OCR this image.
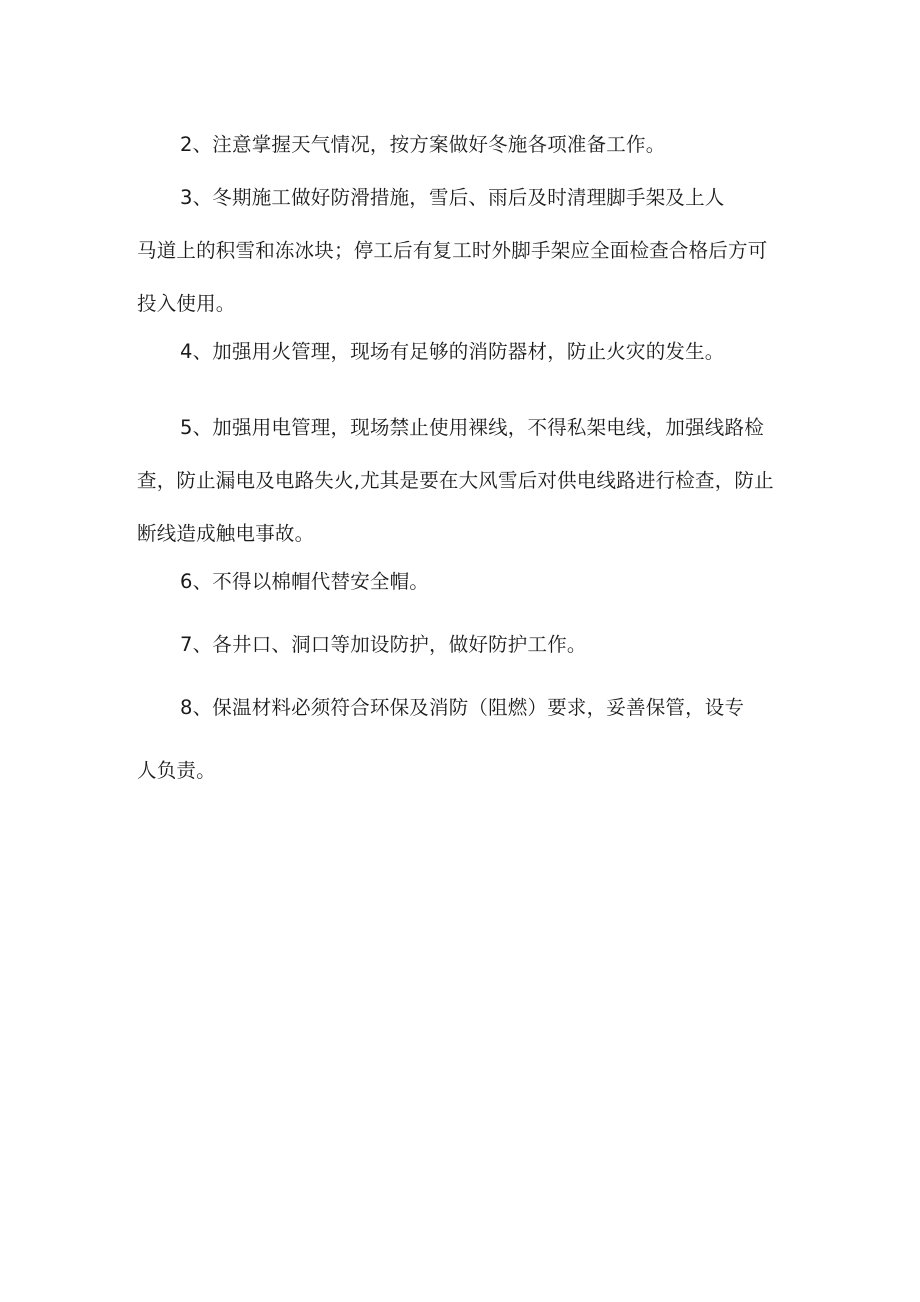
2、注意掌握天气情况，按方案做好冬施各项准备工作。
3、冬期施工做好防滑措施，雪后、雨后及时清理脚手架及上人
马道上的积雪和冻冰块；停工后有复工时外脚手架应全面检查合格后方可
投入使用。
4、加强用火管理，现场有足够的消防器材，防止火灾的发生。
5、加强用电管理，现场禁止使用裸线，不得私架电线，加强线路检
查，防止漏电及电路失火,尤其是要在大风雪后对供电线路进行检查，防止
断线造成触电事故。
6、不得以棉帽代替安全帽。
7、各井口、洞口等加设防护，做好防护工作。
8、保温材料必须符合环保及消防（阻燃）要求，妥善保管，设专
人负责。
